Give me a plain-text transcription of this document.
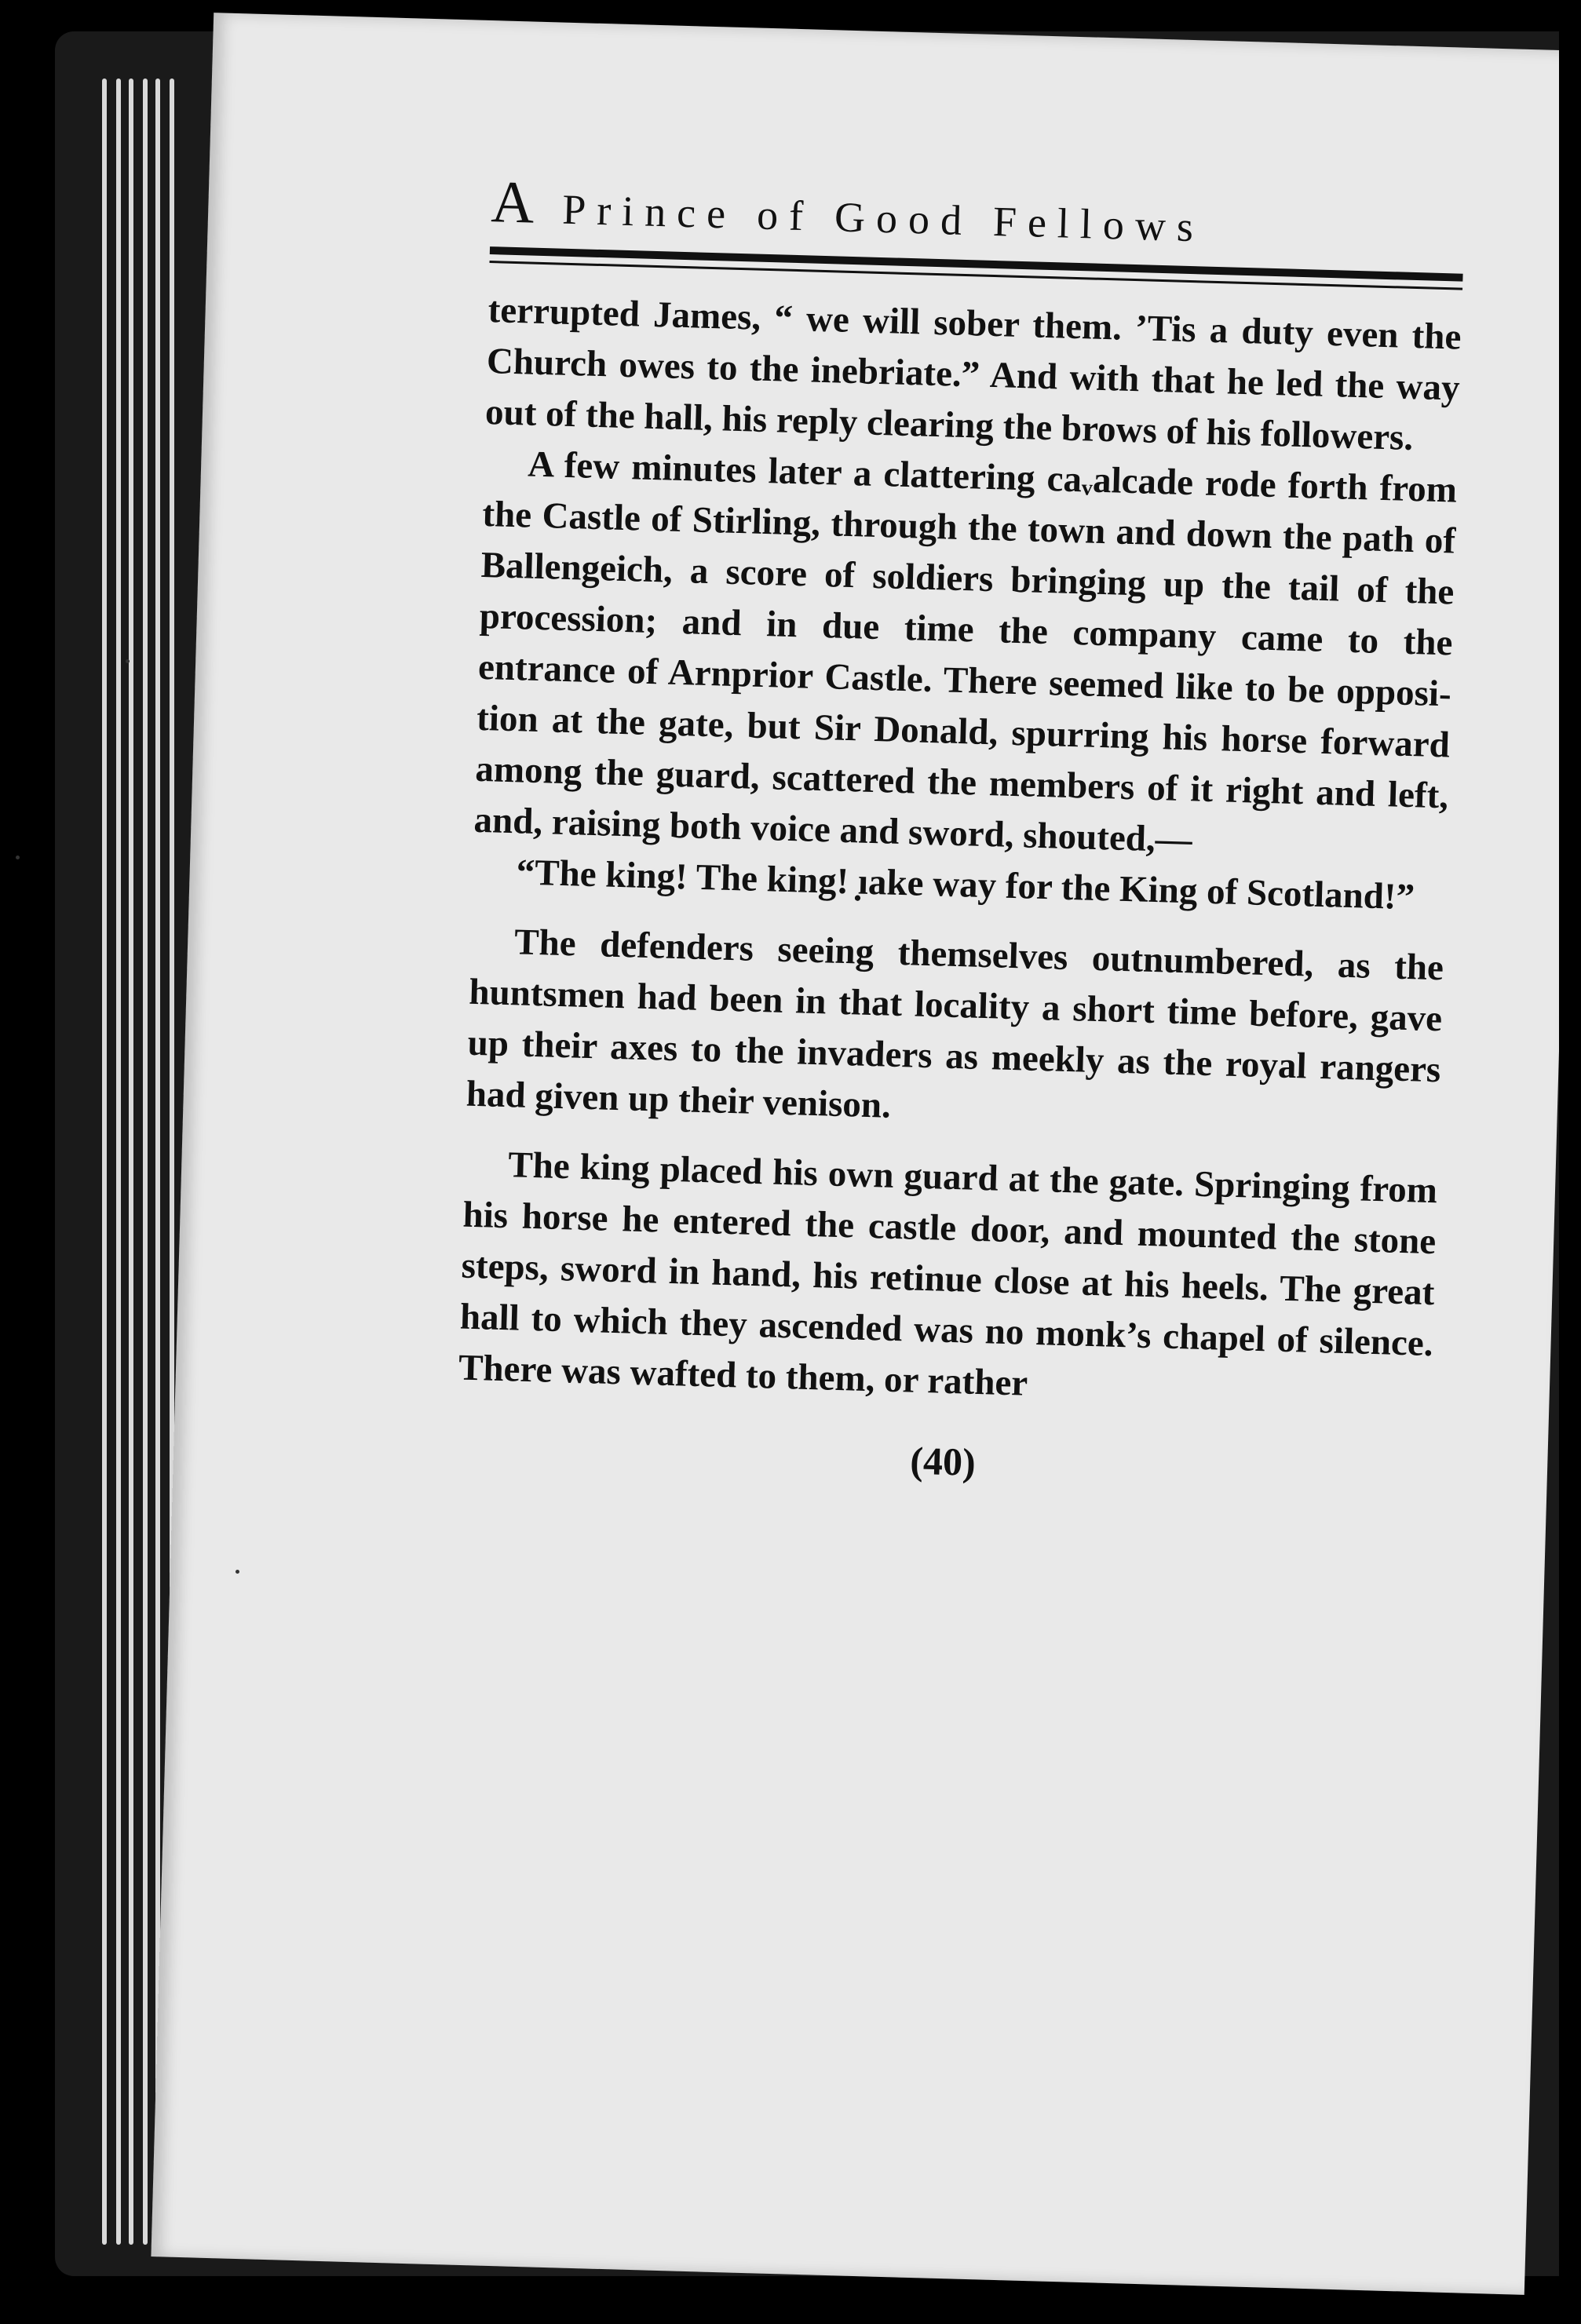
A Prince of Good Fellows

terrupted James, “ we will sober them. ’Tis a duty even the Church owes to the inebriate.” And with that he led the way out of the hall, his reply clearing the brows of his followers.

A few minutes later a clattering caᵥalcade rode forth from the Castle of Stirling, through the town and down the path of Ballengeich, a score of soldiers bringing up the tail of the procession; and in due time the company came to the entrance of Arnprior Castle. There seemed like to be opposi-tion at the gate, but Sir Donald, spurring his horse forward among the guard, scattered the members of it right and left, and, raising both voice and sword, shouted,—

“The king! The king! ̣̣ıake way for the King of Scotland!”

The defenders seeing themselves outnumbered, as the huntsmen had been in that locality a short time before, gave up their axes to the invaders as meekly as the royal rangers had given up their venison.

The king placed his own guard at the gate. Springing from his horse he entered the castle door, and mounted the stone steps, sword in hand, his retinue close at his heels. The great hall to which they ascended was no monk’s chapel of silence. There was wafted to them, or rather

(40)
